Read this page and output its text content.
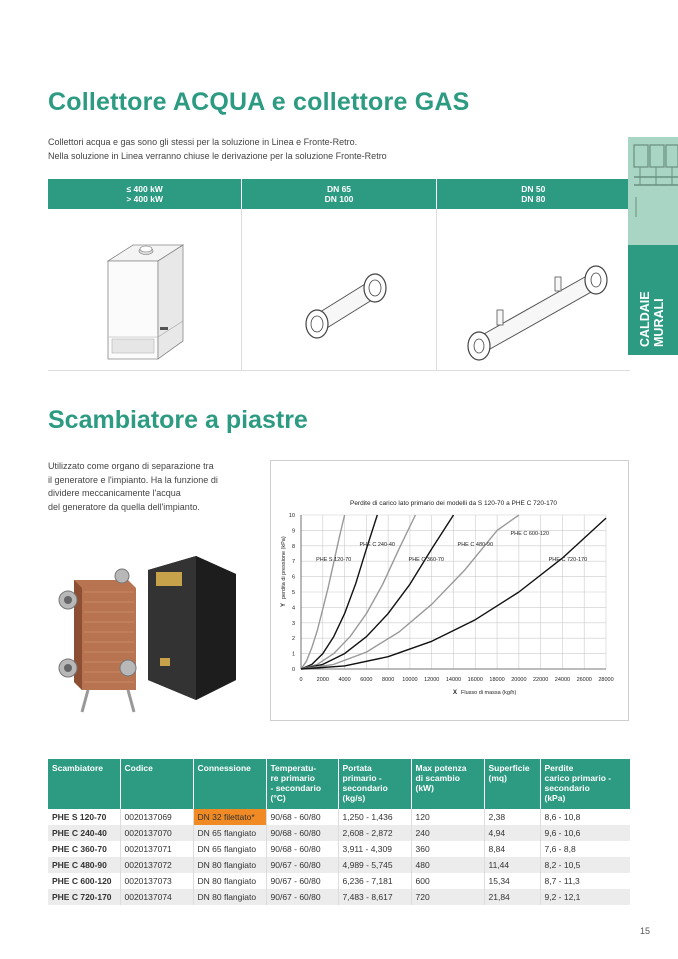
Collettore ACQUA e collettore GAS
Collettori acqua e gas sono gli stessi per la soluzione in Linea e Fronte-Retro.
Nella soluzione in Linea verranno chiuse le derivazione per la soluzione Fronte-Retro
≤ 400 kW
> 400 kW
DN 65
DN 100
DN 50
DN 80
CALDAIE MURALI
Scambiatore a piastre
Utilizzato come organo di separazione tra
il generatore e l'impianto. Ha la funzione di
dividere meccanicamente l'acqua
del generatore da quella dell'impianto.	Perdite di carico lato primario dei modelli da S 120-70 a PHE C 720-170
0
1
2
3
4
5
6
7
8
9
10
0	2000 4000 6000 8000 10000 12000 14000 16000 18000 20000 22000 24000 26000 28000
PHE S 120-70
PHE C 240-40
PHE C 360-70
PHE C 480-90
PHE C 600-120
PHE C 720-170
X Flusso di massa (kg/h)
Y
perdita di pressione (kPa)
Scambiatore	Codice	Connessione	Temperatu-
re primario
- secondario
(°C)	Portata
primario -
secondario
(kg/s)	Max potenza
di scambio
(kW)	Superficie
(mq)	Perdite
carico primario -
secondario
(kPa)
PHE S 120-70	0020137069	DN 32 filettato*	90/68 - 60/80	1,250 - 1,436	120	2,38	8,6 - 10,8
PHE C 240-40	0020137070	DN 65 flangiato	90/68 - 60/80	2,608 - 2,872	240	4,94	9,6 - 10,6
PHE C 360-70	0020137071	DN 65 flangiato	90/68 - 60/80	3,911 - 4,309	360	8,84	7,6 - 8,8
PHE C 480-90	0020137072	DN 80 flangiato	90/67 - 60/80	4,989 - 5,745	480	11,44	8,2 - 10,5
PHE C 600-120	0020137073	DN 80 flangiato	90/67 - 60/80	6,236 - 7,181	600	15,34	8,7 - 11,3
PHE C 720-170	0020137074	DN 80 flangiato	90/67 - 60/80	7,483 - 8,617	720	21,84	9,2 - 12,1
15
